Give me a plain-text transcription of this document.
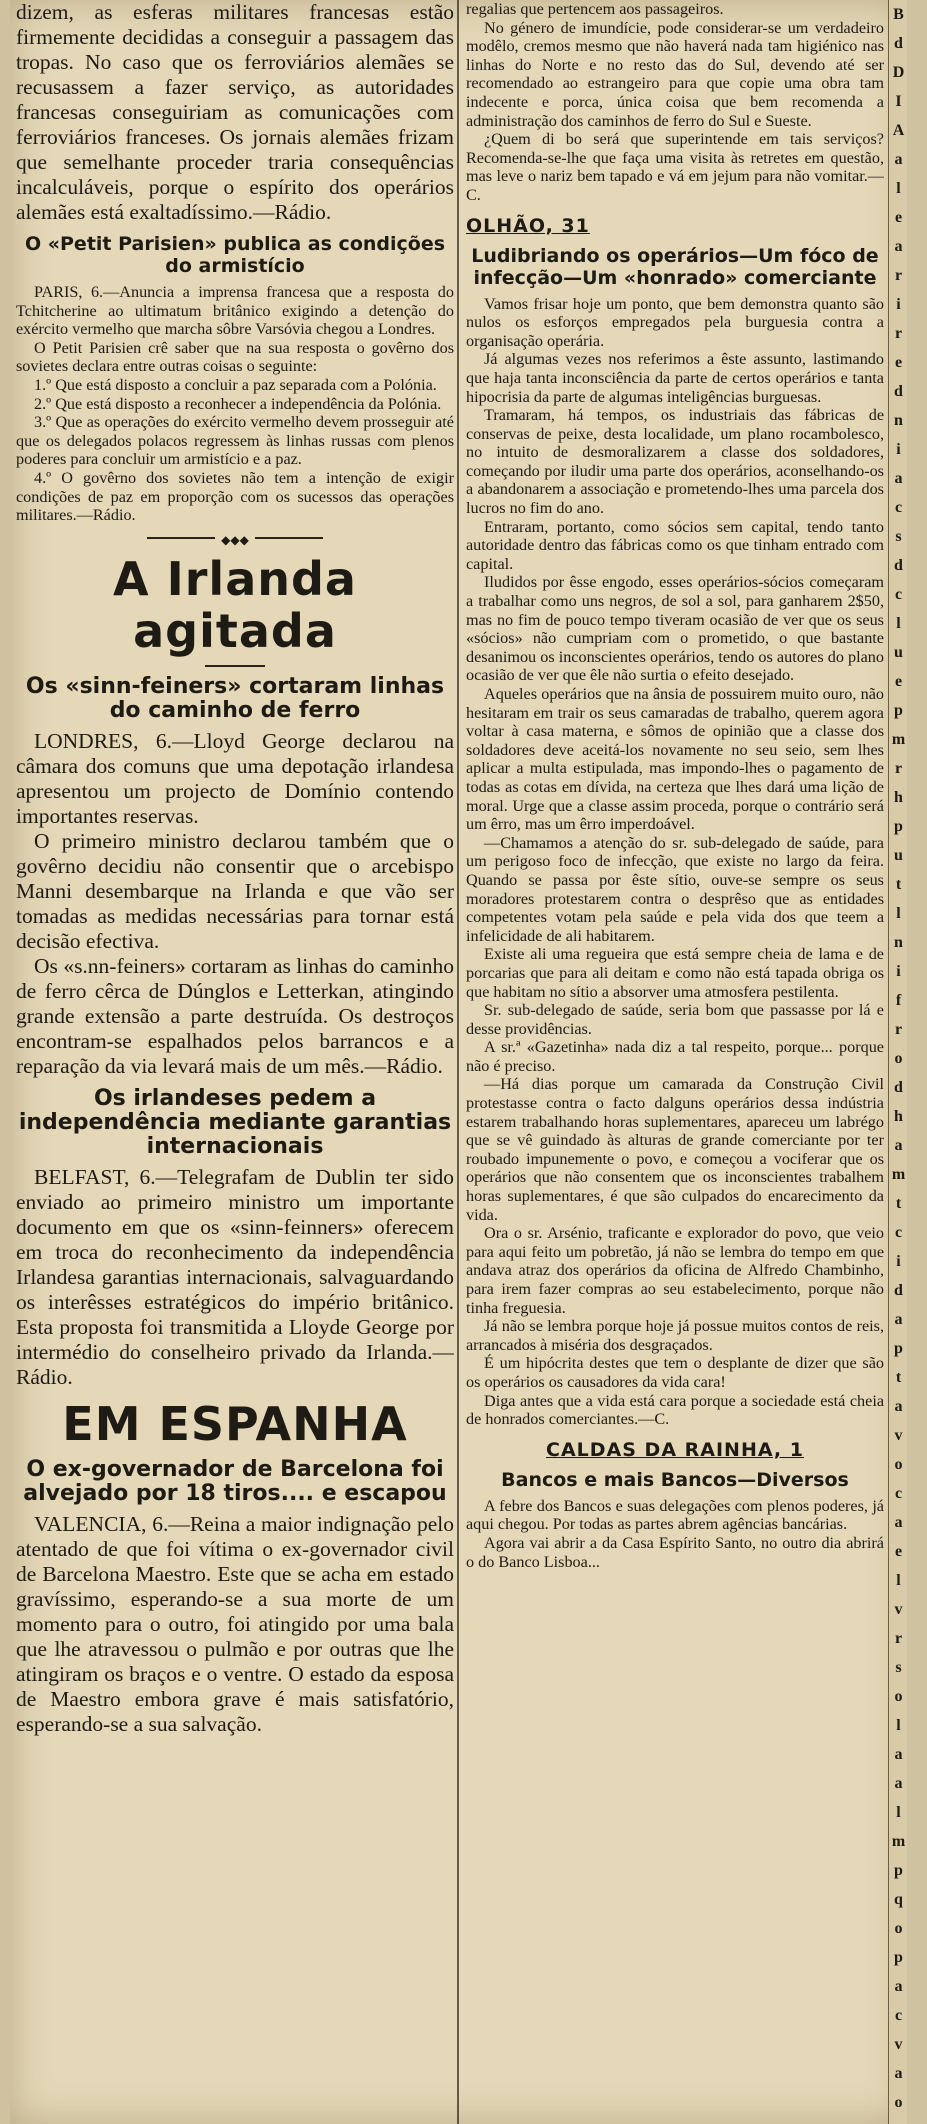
dizem, as esferas militares francesas estão firmemente decididas a conseguir a passagem das tropas. No caso que os ferroviários alemães se recusassem a fazer serviço, as autoridades francesas conseguiriam as comunicações com ferroviários franceses. Os jornais alemães frizam que semelhante proceder traria consequências incalculáveis, porque o espírito dos operários alemães está exaltadíssimo.—Rádio.

O «Petit Parisien» publica as condições do armistício

PARIS, 6.—Anuncia a imprensa francesa que a resposta do Tchitcherine ao ultimatum britânico exigindo a detenção do exército vermelho que marcha sôbre Varsóvia chegou a Londres.

O Petit Parisien crê saber que na sua resposta o govêrno dos sovietes declara entre outras coisas o seguinte:

1.º Que está disposto a concluir a paz separada com a Polónia.

2.º Que está disposto a reconhecer a independência da Polónia.

3.º Que as operações do exército vermelho devem prosseguir até que os delegados polacos regressem às linhas russas com plenos poderes para concluir um armistício e a paz.

4.º O govêrno dos sovietes não tem a intenção de exigir condições de paz em proporção com os sucessos das operações militares.—Rádio.

◆◆◆
A Irlanda agitada
Os «sinn-feiners» cortaram linhas do caminho de ferro

LONDRES, 6.—Lloyd George declarou na câmara dos comuns que uma depotação irlandesa apresentou um projecto de Domínio contendo importantes reservas.

O primeiro ministro declarou também que o govêrno decidiu não consentir que o arcebispo Manni desembarque na Irlanda e que vão ser tomadas as medidas necessárias para tornar está decisão efectiva.

Os «s.nn-feiners» cortaram as linhas do caminho de ferro cêrca de Dúnglos e Letterkan, atingindo grande extensão a parte destruída. Os destroços encontram-se espalhados pelos barrancos e a reparação da via levará mais de um mês.—Rádio.

Os irlandeses pedem a independência mediante garantias internacionais

BELFAST, 6.—Telegrafam de Dublin ter sido enviado ao primeiro ministro um importante documento em que os «sinn-feinners» oferecem em troca do reconhecimento da independência Irlandesa garantias internacionais, salvaguardando os interêsses estratégicos do império britânico. Esta proposta foi transmitida a Lloyde George por intermédio do conselheiro privado da Irlanda.—Rádio.

EM ESPANHA
O ex-governador de Barcelona foi alvejado por 18 tiros.... e escapou

VALENCIA, 6.—Reina a maior indignação pelo atentado de que foi vítima o ex-governador civil de Barcelona Maestro. Este que se acha em estado gravíssimo, esperando-se a sua morte de um momento para o outro, foi atingido por uma bala que lhe atravessou o pulmão e por outras que lhe atingiram os braços e o ventre. O estado da esposa de Maestro embora grave é mais satisfatório, esperando-se a sua salvação.

regalias que pertencem aos passageiros.

No género de imundície, pode considerar-se um verdadeiro modêlo, cremos mesmo que não haverá nada tam higiénico nas linhas do Norte e no resto das do Sul, devendo até ser recomendado ao estrangeiro para que copie uma obra tam indecente e porca, única coisa que bem recomenda a administração dos caminhos de ferro do Sul e Sueste.

¿Quem di bo será que superintende em tais serviços? Recomenda-se-lhe que faça uma visita às retretes em questão, mas leve o nariz bem tapado e vá em jejum para não vomitar.—C.

OLHÃO, 31
Ludibriando os operários—Um fóco de infecção—Um «honrado» comerciante

Vamos frisar hoje um ponto, que bem demonstra quanto são nulos os esforços empregados pela burguesia contra a organisação operária.

Já algumas vezes nos referimos a êste assunto, lastimando que haja tanta inconsciência da parte de certos operários e tanta hipocrisia da parte de algumas inteligências burguesas.

Tramaram, há tempos, os industriais das fábricas de conservas de peixe, desta localidade, um plano rocambolesco, no intuito de desmoralizarem a classe dos soldadores, começando por iludir uma parte dos operários, aconselhando-os a abandonarem a associação e prometendo-lhes uma parcela dos lucros no fim do ano.

Entraram, portanto, como sócios sem capital, tendo tanto autoridade dentro das fábricas como os que tinham entrado com capital.

Iludidos por êsse engodo, esses operários-sócios começaram a trabalhar como uns negros, de sol a sol, para ganharem 2$50, mas no fim de pouco tempo tiveram ocasião de ver que os seus «sócios» não cumpriam com o prometido, o que bastante desanimou os inconscientes operários, tendo os autores do plano ocasião de ver que êle não surtia o efeito desejado.

Aqueles operários que na ânsia de possuirem muito ouro, não hesitaram em trair os seus camaradas de trabalho, querem agora voltar à casa materna, e sômos de opinião que a classe dos soldadores deve aceitá-los novamente no seu seio, sem lhes aplicar a multa estipulada, mas impondo-lhes o pagamento de todas as cotas em dívida, na certeza que lhes dará uma lição de moral. Urge que a classe assim proceda, porque o contrário será um êrro, mas um êrro imperdoável.

—Chamamos a atenção do sr. sub-delegado de saúde, para um perigoso foco de infecção, que existe no largo da feira. Quando se passa por êste sítio, ouve-se sempre os seus moradores protestarem contra o desprêso que as entidades competentes votam pela saúde e pela vida dos que teem a infelicidade de ali habitarem.

Existe ali uma regueira que está sempre cheia de lama e de porcarias que para ali deitam e como não está tapada obriga os que habitam no sítio a absorver uma atmosfera pestilenta.

Sr. sub-delegado de saúde, seria bom que passasse por lá e desse providências.

A sr.ª «Gazetinha» nada diz a tal respeito, porque... porque não é preciso.

—Há dias porque um camarada da Construção Civil protestasse contra o facto dalguns operários dessa indústria estarem trabalhando horas suplementares, apareceu um labrégo que se vê guindado às alturas de grande comerciante por ter roubado impunemente o povo, e começou a vociferar que os operários que não consentem que os inconscientes trabalhem horas suplementares, é que são culpados do encarecimento da vida.

Ora o sr. Arsénio, traficante e explorador do povo, que veio para aqui feito um pobretão, já não se lembra do tempo em que andava atraz dos operários da oficina de Alfredo Chambinho, para irem fazer compras ao seu estabelecimento, porque não tinha freguesia.

Já não se lembra porque hoje já possue muitos contos de reis, arrancados à miséria dos desgraçados.

É um hipócrita destes que tem o desplante de dizer que são os operários os causadores da vida cara!

Diga antes que a vida está cara porque a sociedade está cheia de honrados comerciantes.—C.

CALDAS DA RAINHA, 1
Bancos e mais Bancos—Diversos

A febre dos Bancos e suas delegações com plenos poderes, já aqui chegou. Por todas as partes abrem agências bancárias.

Agora vai abrir a da Casa Espírito Santo, no outro dia abrirá o do Banco Lisboa...

B
d
D
I
A
a
l
e
a
r
i
r
e
d
n
i
a
c
s
d
c
l
u
e
p
m
r
h
p
u
t
l
n
i
f
r
o
d
h
a
m
t
c
i
d
a
p
t
a
v
o
c
a
e
l
v
r
s
o
l
a
a
l
m
p
q
o
p
a
c
v
a
o
